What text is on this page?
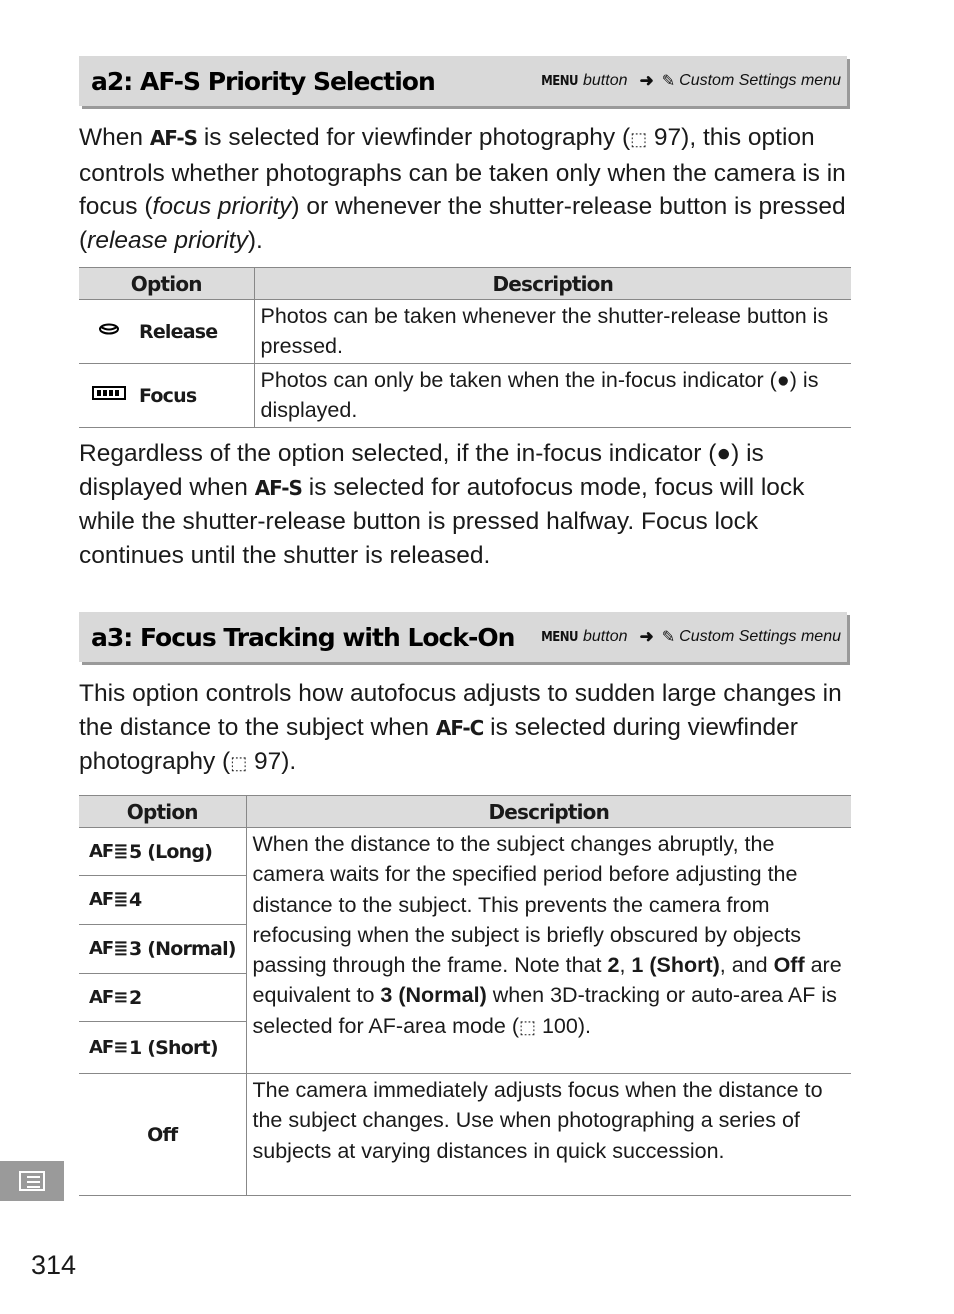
a2: AF-S Priority Selection	MENU button ➜ ✎ Custom Settings menu
When AF-S is selected for viewfinder photography (⬚ 97), this option controls whether photographs can be taken only when the camera is in focus (focus priority) or whenever the shutter-release button is pressed (release priority).
Option	Description

Release	Photos can be taken whenever the shutter-release button is pressed.

Focus	Photos can only be taken when the in-focus indicator (●) is displayed.
Regardless of the option selected, if the in-focus indicator (●) is displayed when AF-S is selected for autofocus mode, focus will lock while the shutter-release button is pressed halfway. Focus lock continues until the shutter is released.
a3: Focus Tracking with Lock-On MENU button ➜ ✎ Custom Settings menu
This option controls how autofocus adjusts to sudden large changes in the distance to the subject when AF-C is selected during viewfinder photography (⬚ 97).
Option	Description

AF≣ 5 (Long)	When the distance to the subject changes abruptly, the camera waits for the specified period before adjusting the distance to the subject. This prevents the camera from refocusing when the subject is briefly obscured by objects passing through the frame. Note that 2, 1 (Short), and Off are equivalent to 3 (Normal) when 3D-tracking or auto-area AF is selected for AF-area mode (⬚ 100).

AF≣ 4	

AF≣ 3 (Normal)	

AF≡ 2	

AF≡ 1 (Short)	

Off	The camera immediately adjusts focus when the distance to the subject changes. Use when photographing a series of subjects at varying distances in quick succession.
314
